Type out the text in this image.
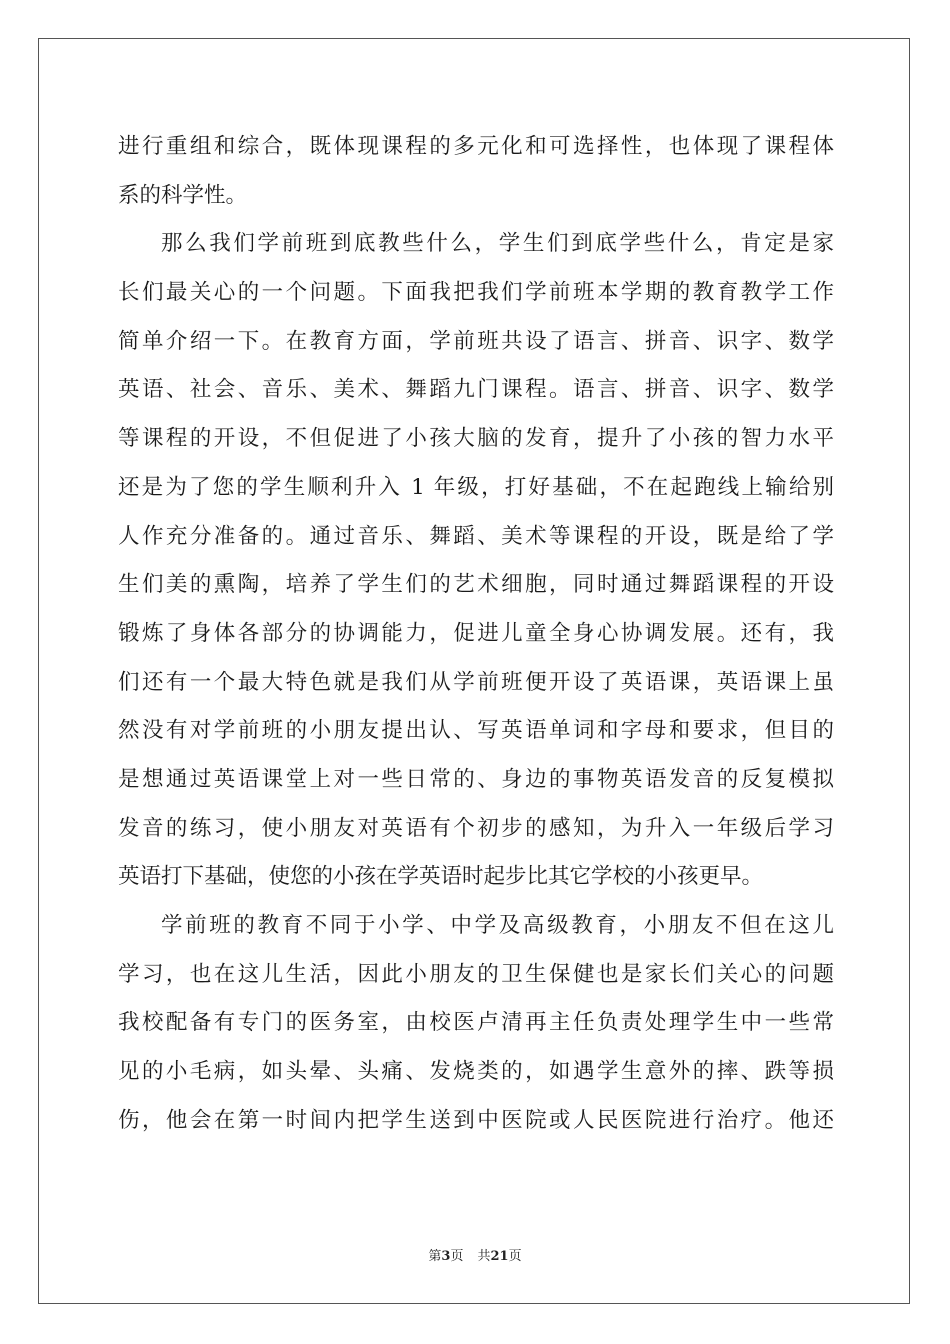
进行重组和综合，既体现课程的多元化和可选择性，也体现了课程体
系的科学性。
那么我们学前班到底教些什么，学生们到底学些什么，肯定是家
长们最关心的一个问题。下面我把我们学前班本学期的教育教学工作
简单介绍一下。在教育方面，学前班共设了语言、拼音、识字、数学
英语、社会、音乐、美术、舞蹈九门课程。语言、拼音、识字、数学
等课程的开设，不但促进了小孩大脑的发育，提升了小孩的智力水平
还是为了您的学生顺利升入 1 年级，打好基础，不在起跑线上输给别
人作充分准备的。通过音乐、舞蹈、美术等课程的开设，既是给了学
生们美的熏陶，培养了学生们的艺术细胞，同时通过舞蹈课程的开设
锻炼了身体各部分的协调能力，促进儿童全身心协调发展。还有，我
们还有一个最大特色就是我们从学前班便开设了英语课，英语课上虽
然没有对学前班的小朋友提出认、写英语单词和字母和要求，但目的
是想通过英语课堂上对一些日常的、身边的事物英语发音的反复模拟
发音的练习，使小朋友对英语有个初步的感知，为升入一年级后学习
英语打下基础，使您的小孩在学英语时起步比其它学校的小孩更早。
学前班的教育不同于小学、中学及高级教育，小朋友不但在这儿
学习，也在这儿生活，因此小朋友的卫生保健也是家长们关心的问题
我校配备有专门的医务室，由校医卢清再主任负责处理学生中一些常
见的小毛病，如头晕、头痛、发烧类的，如遇学生意外的摔、跌等损
伤，他会在第一时间内把学生送到中医院或人民医院进行治疗。他还
第3页 共21页
